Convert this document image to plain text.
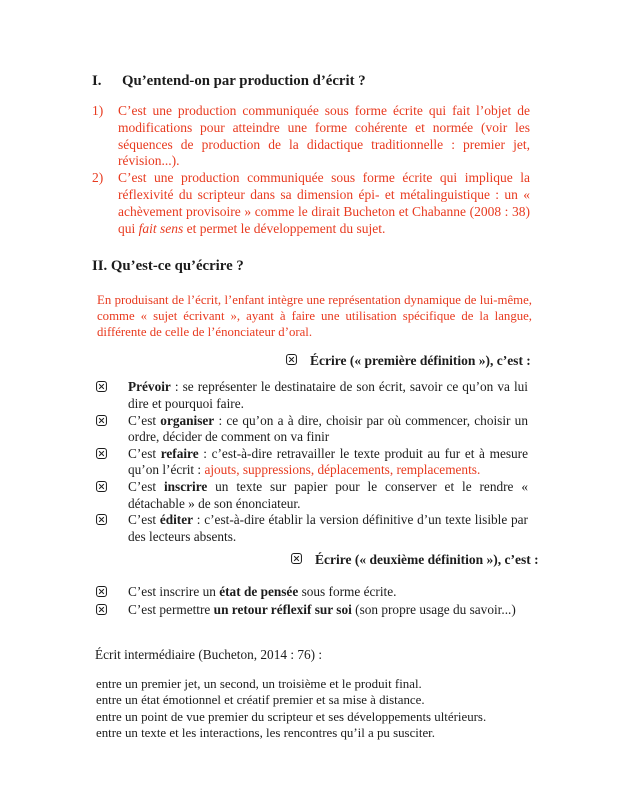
I.	Qu’entend-on par production d’écrit ?
1)	C’est une production communiquée sous forme écrite qui fait l’objet de modifications pour atteindre une forme cohérente et normée (voir les séquences de production de la didactique traditionnelle : premier jet, révision...).
2)	C’est une production communiquée sous forme écrite qui implique la réflexivité du scripteur dans sa dimension épi- et métalinguistique : un « achèvement provisoire » comme le dirait Bucheton et Chabanne (2008 : 38) qui fait sens et permet le développement du sujet.
II. Qu’est-ce qu’écrire ?
En produisant de l’écrit, l’enfant intègre une représentation dynamique de lui-même, comme « sujet écrivant », ayant à faire une utilisation spécifique de la langue, différente de celle de l’énonciateur d’oral.
Écrire (« première définition »), c’est :
Prévoir : se représenter le destinataire de son écrit, savoir ce qu’on va lui dire et pourquoi faire.
C’est organiser : ce qu’on a à dire, choisir par où commencer, choisir un ordre, décider de comment on va finir
C’est refaire : c’est-à-dire retravailler le texte produit au fur et à mesure qu’on l’écrit : ajouts, suppressions, déplacements, remplacements.
C’est inscrire un texte sur papier pour le conserver et le rendre « détachable » de son énonciateur.
C’est éditer : c’est-à-dire établir la version définitive d’un texte lisible par des lecteurs absents.
Écrire (« deuxième définition »), c’est :
C’est inscrire un état de pensée sous forme écrite.
C’est permettre un retour réflexif sur soi (son propre usage du savoir...)
Écrit intermédiaire (Bucheton, 2014 : 76) :
entre un premier jet, un second, un troisième et le produit final.
entre un état émotionnel et créatif premier et sa mise à distance.
entre un point de vue premier du scripteur et ses développements ultérieurs.
entre un texte et les interactions, les rencontres qu’il a pu susciter.
